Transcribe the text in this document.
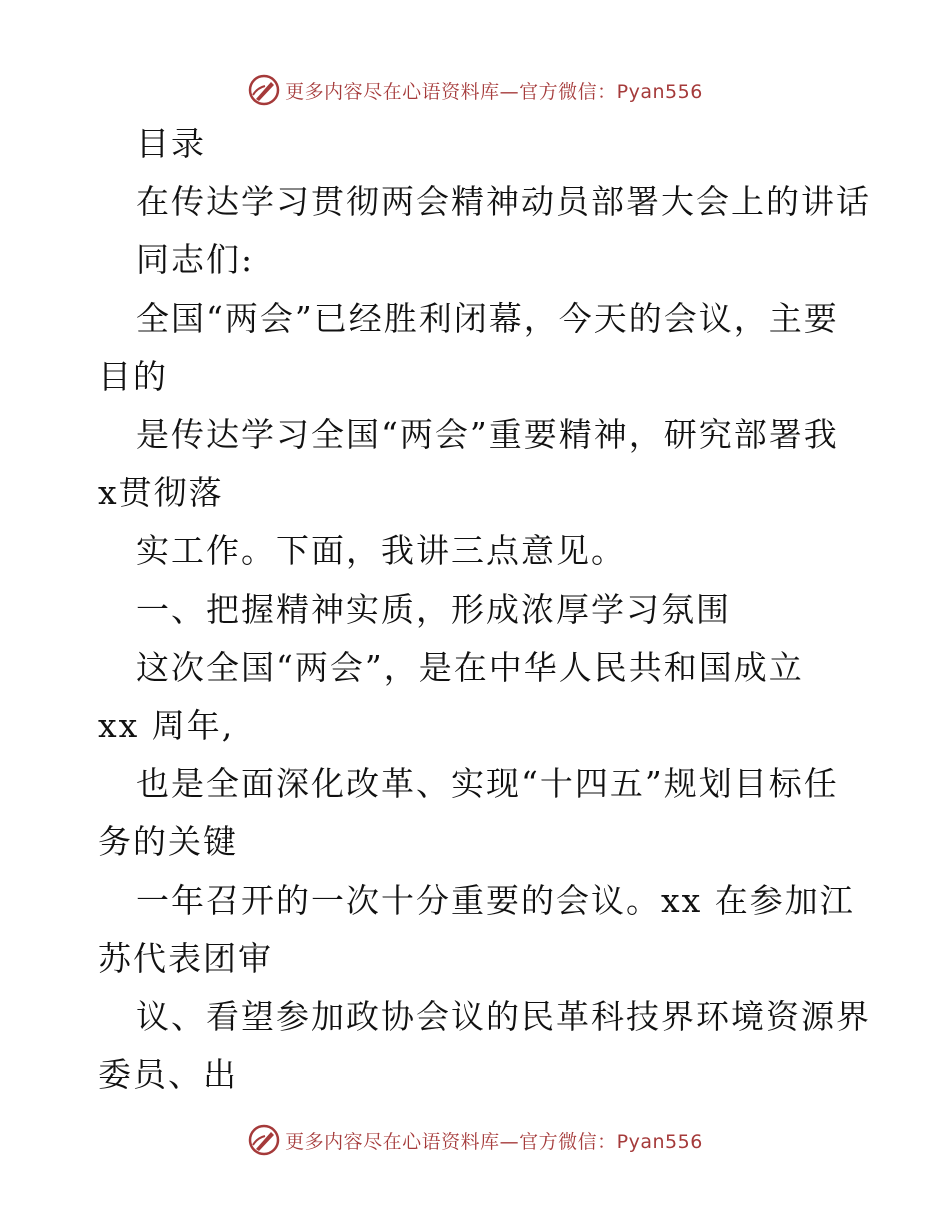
更多内容尽在心语资料库—官方微信：Pyan556
目录
在传达学习贯彻两会精神动员部署大会上的讲话
同志们:
全国“两会”已经胜利闭幕，今天的会议，主要
目的
是传达学习全国“两会”重要精神，研究部署我
x贯彻落
实工作。下面，我讲三点意见。
一、把握精神实质，形成浓厚学习氛围
这次全国“两会”，是在中华人民共和国成立
xx 周年,
也是全面深化改革、实现“十四五”规划目标任
务的关键
一年召开的一次十分重要的会议。xx 在参加江
苏代表团审
议、看望参加政协会议的民革科技界环境资源界
委员、出
更多内容尽在心语资料库—官方微信：Pyan556
